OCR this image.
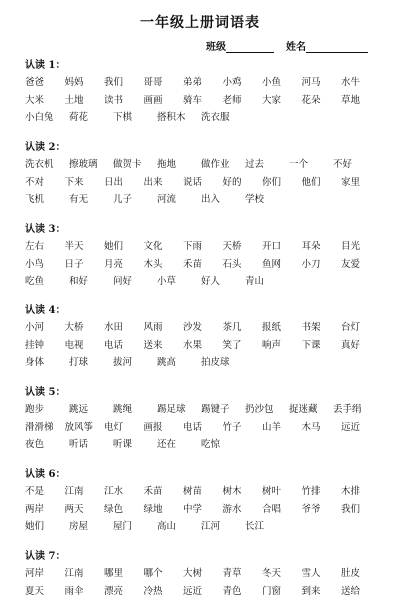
一年级上册词语表
班级	姓名
认读 1：
爸爸 妈妈 我们 哥哥 弟弟 小鸡 小鱼 河马 水牛
大米 土地 读书 画画 骑车 老师 大家 花朵 草地
小白兔 荷花	下棋	搭积木 洗衣服
认读 2：
洗衣机 擦玻璃 做贺卡 拖地	做作业 过去	一个	不好
不对 下来 日出 出来 说话 好的 你们 他们 家里
飞机	有无	儿子	河流	出入	学校
认读 3：
左右 半天 她们 文化 下雨 天桥 开口 耳朵 目光
小鸟 日子 月亮 木头 禾苗 石头 鱼网 小刀 友爱
吃鱼	和好	问好	小草	好人	青山
认读 4：
小河 大桥 水田 风雨 沙发 茶几 报纸 书架 台灯
挂钟 电视 电话 送来 水果 笑了 响声 下课 真好
身体	打球	拔河	跳高	拍皮球
认读 5：
跑步	跳远	跳绳	踢足球 踢键子 扔沙包 捉迷藏 丢手绢
滑滑梯 放风筝 电灯 画报 电话 竹子 山羊 木马 远近
夜色	听话	听课	还在	吃惊
认读 6：
不是 江南 江水 禾苗 树苗 树木 树叶 竹排 木排
两岸 两天 绿色 绿地 中学 游水 合唱 爷爷 我们
她们	房屋	屋门	高山	江河	长江
认读 7：
河岸 江南 哪里 哪个 大树 青草 冬天 雪人 肚皮
夏天 雨伞 漂亮 冷热 远近 青色 门窗 到来 送给
